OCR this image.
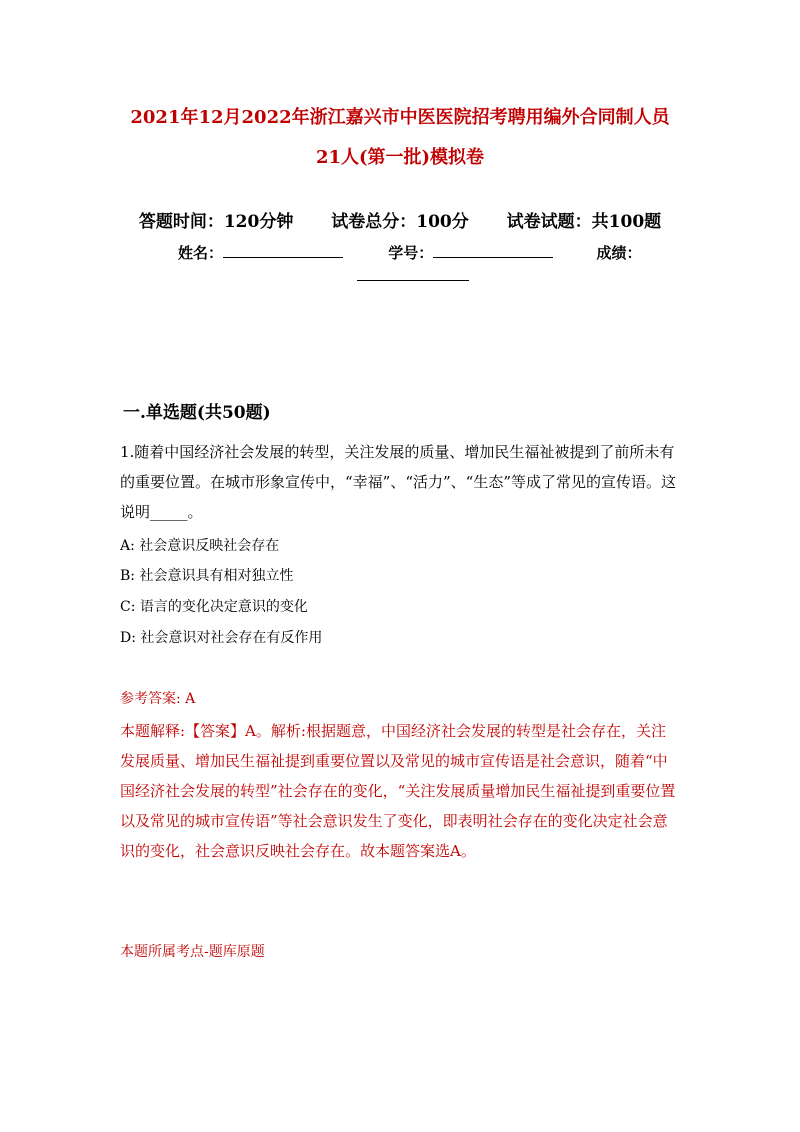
2021年12月2022年浙江嘉兴市中医医院招考聘用编外合同制人员
21人(第一批)模拟卷
答题时间：120分钟 试卷总分：100分 试卷试题：共100题
姓名：	学号：	成绩：
一.单选题(共50题)
1.随着中国经济社会发展的转型，关注发展的质量、增加民生福祉被提到了前所未有的重要位置。在城市形象宣传中，“幸福”、“活力”、“生态”等成了常见的宣传语。这说明_____。
A: 社会意识反映社会存在
B: 社会意识具有相对独立性
C: 语言的变化决定意识的变化
D: 社会意识对社会存在有反作用
参考答案: A
本题解释:【答案】A。解析:根据题意，中国经济社会发展的转型是社会存在，关注发展质量、增加民生福祉提到重要位置以及常见的城市宣传语是社会意识，随着“中国经济社会发展的转型”社会存在的变化，“关注发展质量增加民生福祉提到重要位置以及常见的城市宣传语”等社会意识发生了变化，即表明社会存在的变化决定社会意识的变化，社会意识反映社会存在。故本题答案选A。
本题所属考点-题库原题
